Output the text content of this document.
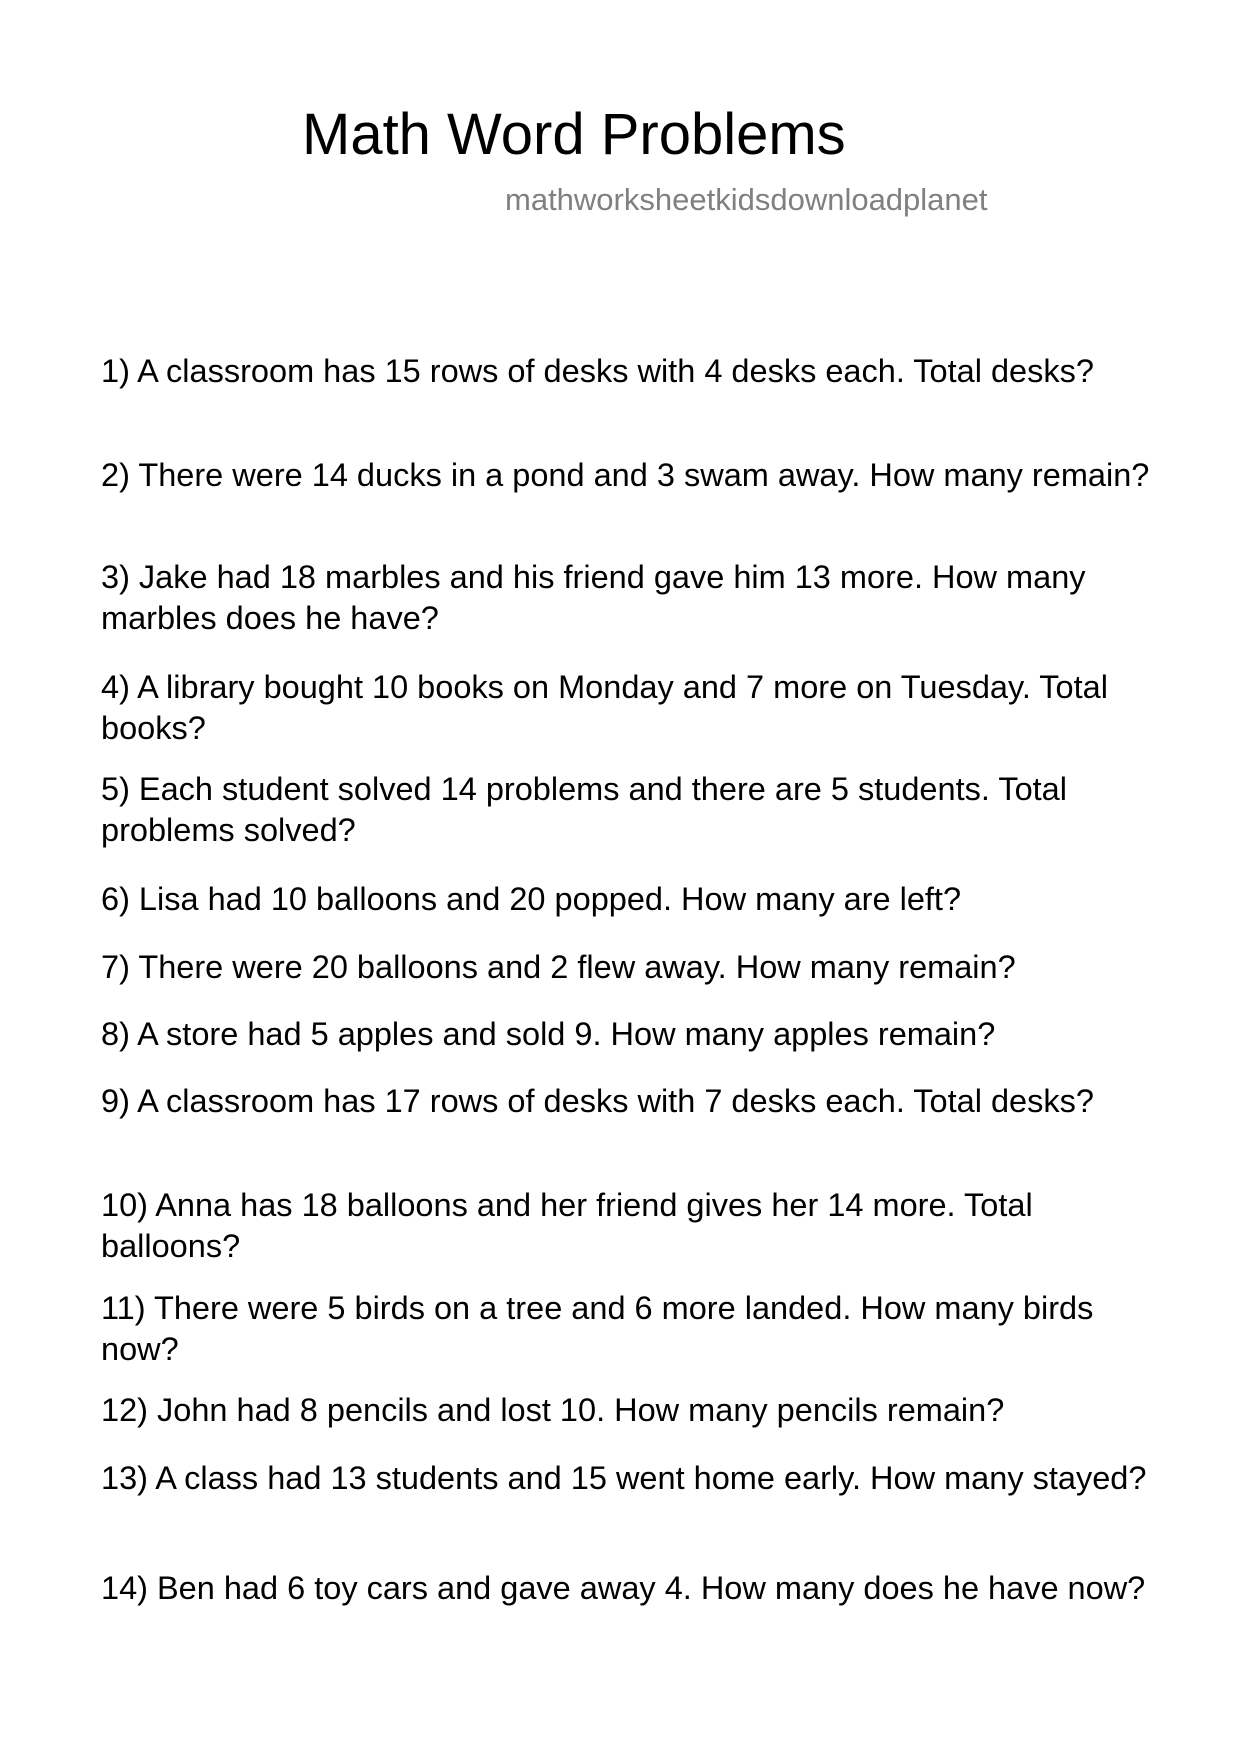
Math Word Problems
mathworksheetkidsdownloadplanet
1) A classroom has 15 rows of desks with 4 desks each. Total desks?
2) There were 14 ducks in a pond and 3 swam away. How many remain?
3) Jake had 18 marbles and his friend gave him 13 more. How many marbles does he have?
4) A library bought 10 books on Monday and 7 more on Tuesday. Total books?
5) Each student solved 14 problems and there are 5 students. Total problems solved?
6) Lisa had 10 balloons and 20 popped. How many are left?
7) There were 20 balloons and 2 flew away. How many remain?
8) A store had 5 apples and sold 9. How many apples remain?
9) A classroom has 17 rows of desks with 7 desks each. Total desks?
10) Anna has 18 balloons and her friend gives her 14 more. Total balloons?
11) There were 5 birds on a tree and 6 more landed. How many birds now?
12) John had 8 pencils and lost 10. How many pencils remain?
13) A class had 13 students and 15 went home early. How many stayed?
14) Ben had 6 toy cars and gave away 4. How many does he have now?
